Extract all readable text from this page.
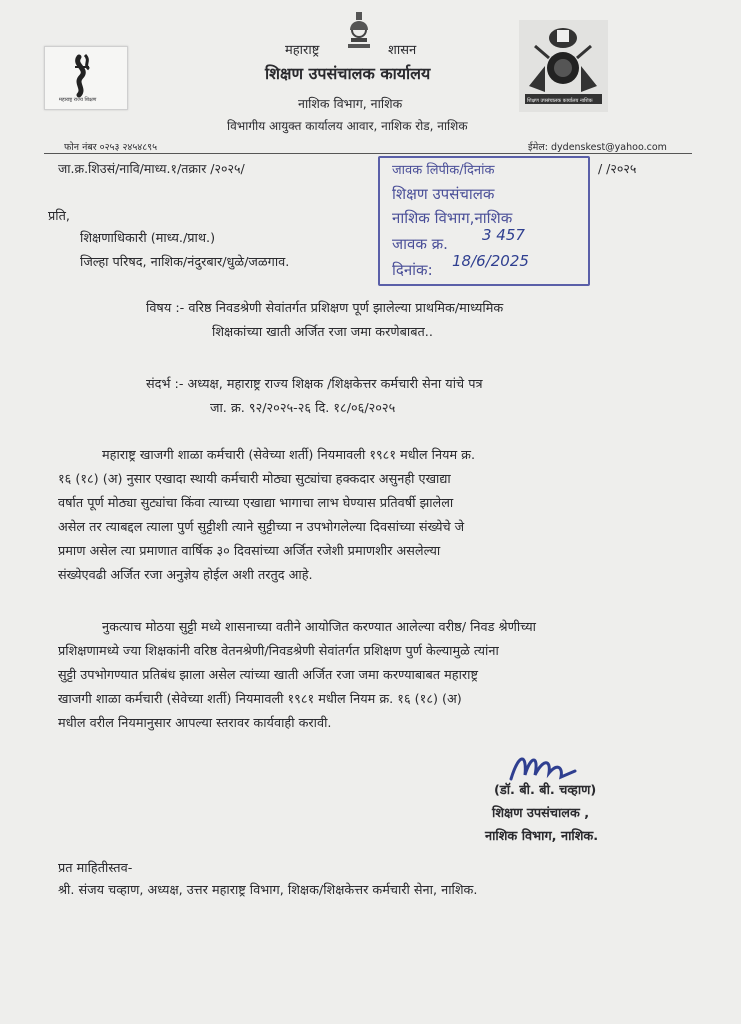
महाराष्ट्र राज्य शिक्षण	शिक्षण उपसंचालक कार्यालय नाशिक
महाराष्ट्र	शासन
शिक्षण उपसंचालक कार्यालय
नाशिक विभाग, नाशिक
विभागीय आयुक्त कार्यालय आवार, नाशिक रोड, नाशिक
फोन नंबर ०२५३ २४५४८९५	ईमेल: dydenskest@yahoo.com
जा.क्र.शिउसं/नावि/माध्य.१/तक्रार /२०२५/	/ /२०२५
जावक लिपीक/दिनांक
शिक्षण उपसंचालक
नाशिक विभाग,नाशिक
जावक क्र. 3 457
दिनांक: 18/6/2025
प्रति,
शिक्षणाधिकारी (माध्य./प्राथ.)
जिल्हा परिषद, नाशिक/नंदुरबार/धुळे/जळगाव.
विषय :- वरिष्ठ निवडश्रेणी सेवांतर्गत प्रशिक्षण पूर्ण झालेल्या प्राथमिक/माध्यमिक
शिक्षकांच्या खाती अर्जित रजा जमा करणेबाबत..
संदर्भ :- अध्यक्ष, महाराष्ट्र राज्य शिक्षक /शिक्षकेत्तर कर्मचारी सेना यांचे पत्र
जा. क्र. ९२/२०२५-२६ दि. १८/०६/२०२५
महाराष्ट्र खाजगी शाळा कर्मचारी (सेवेच्या शर्ती) नियमावली १९८१ मधील नियम क्र.
१६ (१८) (अ) नुसार एखादा स्थायी कर्मचारी मोठ्या सुट्यांचा हक्कदार असुनही एखाद्या
वर्षात पूर्ण मोठ्या सुट्यांचा किंवा त्याच्या एखाद्या भागाचा लाभ घेण्यास प्रतिवर्षी झालेला
असेल तर त्याबद्दल त्याला पुर्ण सुट्टीशी त्याने सुट्टीच्या न उपभोगलेल्या दिवसांच्या संख्येचे जे
प्रमाण असेल त्या प्रमाणात वार्षिक ३० दिवसांच्या अर्जित रजेशी प्रमाणशीर असलेल्या
संख्येएवढी अर्जित रजा अनुज्ञेय होईल अशी तरतुद आहे.
नुकत्याच मोठया सुट्टी मध्ये शासनाच्या वतीने आयोजित करण्यात आलेल्या वरीष्ठ/ निवड श्रेणीच्या
प्रशिक्षणामध्ये ज्या शिक्षकांनी वरिष्ठ वेतनश्रेणी/निवडश्रेणी सेवांतर्गत प्रशिक्षण पुर्ण केल्यामुळे त्यांना
सुट्टी उपभोगण्यात प्रतिबंध झाला असेल त्यांच्या खाती अर्जित रजा जमा करण्याबाबत महाराष्ट्र
खाजगी शाळा कर्मचारी (सेवेच्या शर्ती) नियमावली १९८१ मधील नियम क्र. १६ (१८) (अ)
मधील वरील नियमानुसार आपल्या स्तरावर कार्यवाही करावी.
(डॉ. बी. बी. चव्हाण)
शिक्षण उपसंचालक ,
नाशिक विभाग, नाशिक.
प्रत माहितीस्तव-
श्री. संजय चव्हाण, अध्यक्ष, उत्तर महाराष्ट्र विभाग, शिक्षक/शिक्षकेत्तर कर्मचारी सेना, नाशिक.
